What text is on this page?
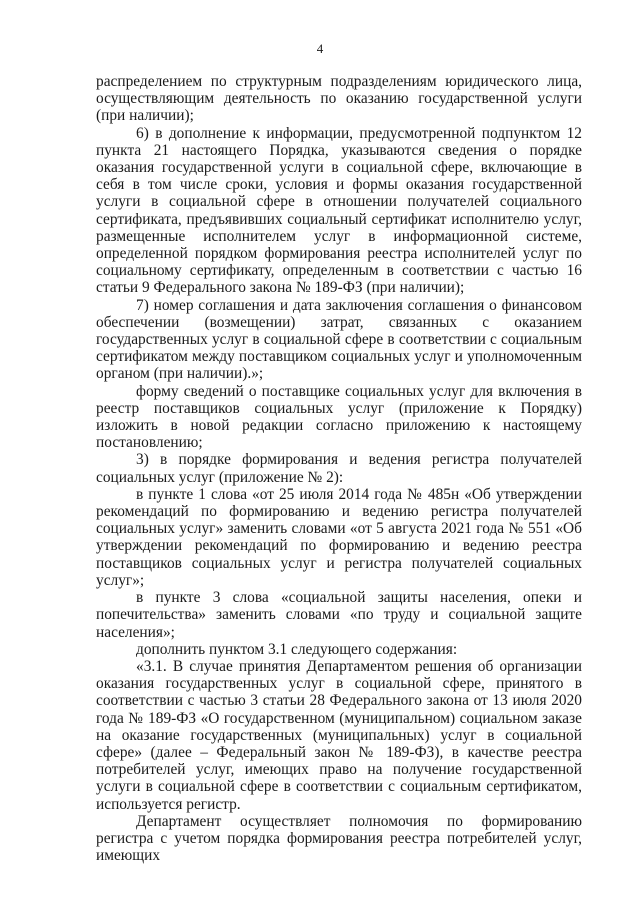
4

распределением по структурным подразделениям юридического лица, осуществляющим деятельность по оказанию государственной услуги (при наличии);

6) в дополнение к информации, предусмотренной подпунктом 12 пункта 21 настоящего Порядка, указываются сведения о порядке оказания государственной услуги в социальной сфере, включающие в себя в том числе сроки, условия и формы оказания государственной услуги в социальной сфере в отношении получателей социального сертификата, предъявивших социальный сертификат исполнителю услуг, размещенные исполнителем услуг в информационной системе, определенной порядком формирования реестра исполнителей услуг по социальному сертификату, определенным в соответствии с частью 16 статьи 9 Федерального закона № 189-ФЗ (при наличии);

7) номер соглашения и дата заключения соглашения о финансовом обеспечении (возмещении) затрат, связанных с оказанием государственных услуг в социальной сфере в соответствии с социальным сертификатом между поставщиком социальных услуг и уполномоченным органом (при наличии).»;

форму сведений о поставщике социальных услуг для включения в реестр поставщиков социальных услуг (приложение к Порядку) изложить в новой редакции согласно приложению к настоящему постановлению;

3) в порядке формирования и ведения регистра получателей социальных услуг (приложение № 2):

в пункте 1 слова «от 25 июля 2014 года № 485н «Об утверждении рекомендаций по формированию и ведению регистра получателей социальных услуг» заменить словами «от 5 августа 2021 года № 551 «Об утверждении рекомендаций по формированию и ведению реестра поставщиков социальных услуг и регистра получателей социальных услуг»;

в пункте 3 слова «социальной защиты населения, опеки и попечительства» заменить словами «по труду и социальной защите населения»;

дополнить пунктом 3.1 следующего содержания:

«3.1. В случае принятия Департаментом решения об организации оказания государственных услуг в социальной сфере, принятого в соответствии с частью 3 статьи 28 Федерального закона от 13 июля 2020 года № 189-ФЗ «О государственном (муниципальном) социальном заказе на оказание государственных (муниципальных) услуг в социальной сфере» (далее – Федеральный закон № 189-ФЗ), в качестве реестра потребителей услуг, имеющих право на получение государственной услуги в социальной сфере в соответствии с социальным сертификатом, используется регистр.

Департамент осуществляет полномочия по формированию регистра с учетом порядка формирования реестра потребителей услуг, имеющих
